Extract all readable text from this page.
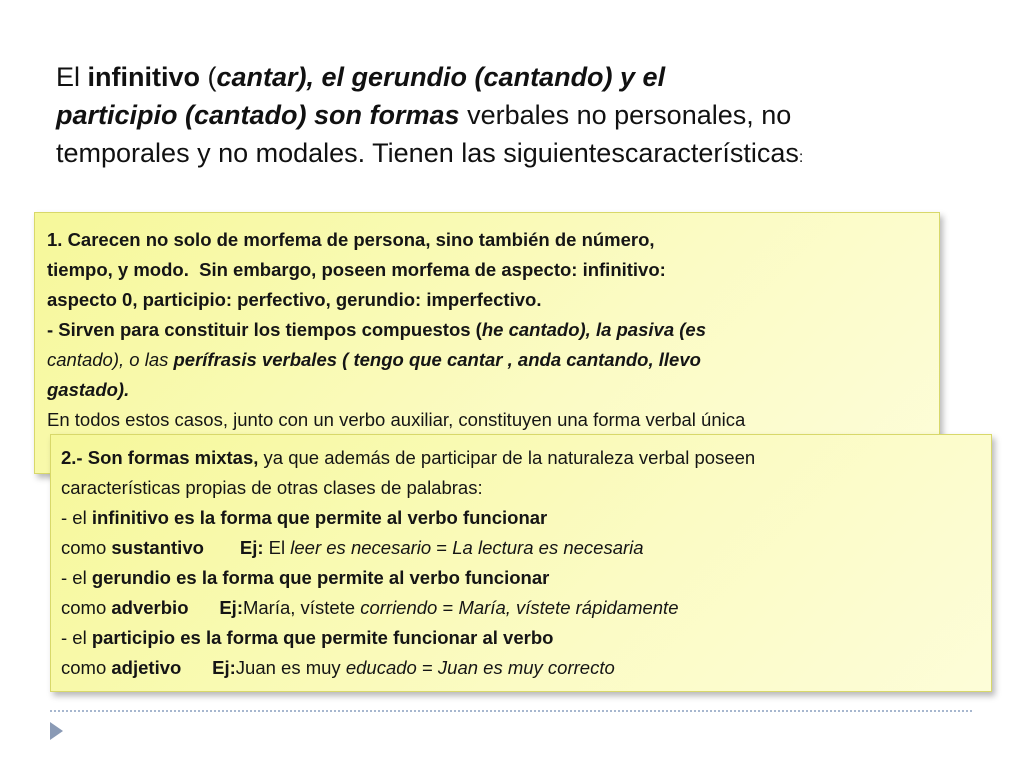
El infinitivo (cantar), el gerundio (cantando) y el
participio (cantado) son formas verbales no personales, no
temporales y no modales. Tienen las siguientescaracterísticas:
1. Carecen no solo de morfema de persona, sino también de número,
tiempo, y modo.  Sin embargo, poseen morfema de aspecto: infinitivo:
aspecto 0, participio: perfectivo, gerundio: imperfectivo.
- Sirven para constituir los tiempos compuestos (he cantado), la pasiva (es
cantado), o las perífrasis verbales ( tengo que cantar , anda cantando, llevo
gastado).
En todos estos casos, junto con un verbo auxiliar, constituyen una forma verbal única
2.- Son formas mixtas, ya que además de participar de la naturaleza verbal poseen
características propias de otras clases de palabras:
- el infinitivo es la forma que permite al verbo funcionar
como sustantivo Ej: El leer es necesario = La lectura es necesaria
- el gerundio es la forma que permite al verbo funcionar
como adverbio Ej:María, vístete corriendo = María, vístete rápidamente
- el participio es la forma que permite funcionar al verbo
como adjetivo Ej:Juan es muy educado = Juan es muy correcto
